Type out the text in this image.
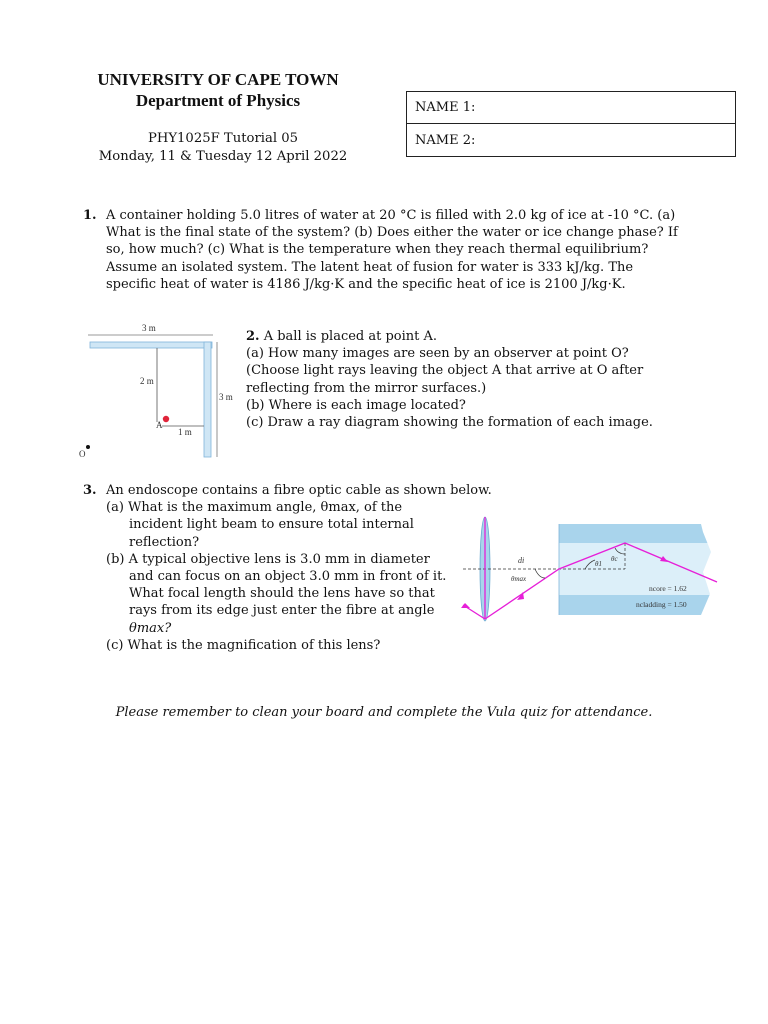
UNIVERSITY OF CAPE TOWN
Department of Physics
PHY1025F Tutorial 05
Monday, 11 & Tuesday 12 April 2022
NAME 1:
NAME 2:
1. A container holding 5.0 litres of water at 20 °C is filled with 2.0 kg of ice at -10 °C. (a)
What is the final state of the system? (b) Does either the water or ice change phase? If
so, how much? (c) What is the temperature when they reach thermal equilibrium?
Assume an isolated system. The latent heat of fusion for water is 333 kJ/kg. The
specific heat of water is 4186 J/kg·K and the specific heat of ice is 2100 J/kg·K.
3 m
3 m
2 m
1 m
A
O
2. A ball is placed at point A.
(a) How many images are seen by an observer at point O?
(Choose light rays leaving the object A that arrive at O after
reflecting from the mirror surfaces.)
(b) Where is each image located?
(c) Draw a ray diagram showing the formation of each image.
3. An endoscope contains a fibre optic cable as shown below.
(a) What is the maximum angle, θmax, of the
incident light beam to ensure total internal
reflection?
(b) A typical objective lens is 3.0 mm in diameter
and can focus on an object 3.0 mm in front of it.
What focal length should the lens have so that
rays from its edge just enter the fibre at angle
θmax?
(c) What is the magnification of this lens?
di
θmax
θ1
θc
ncore = 1.62
ncladding = 1.50
Please remember to clean your board and complete the Vula quiz for attendance.
